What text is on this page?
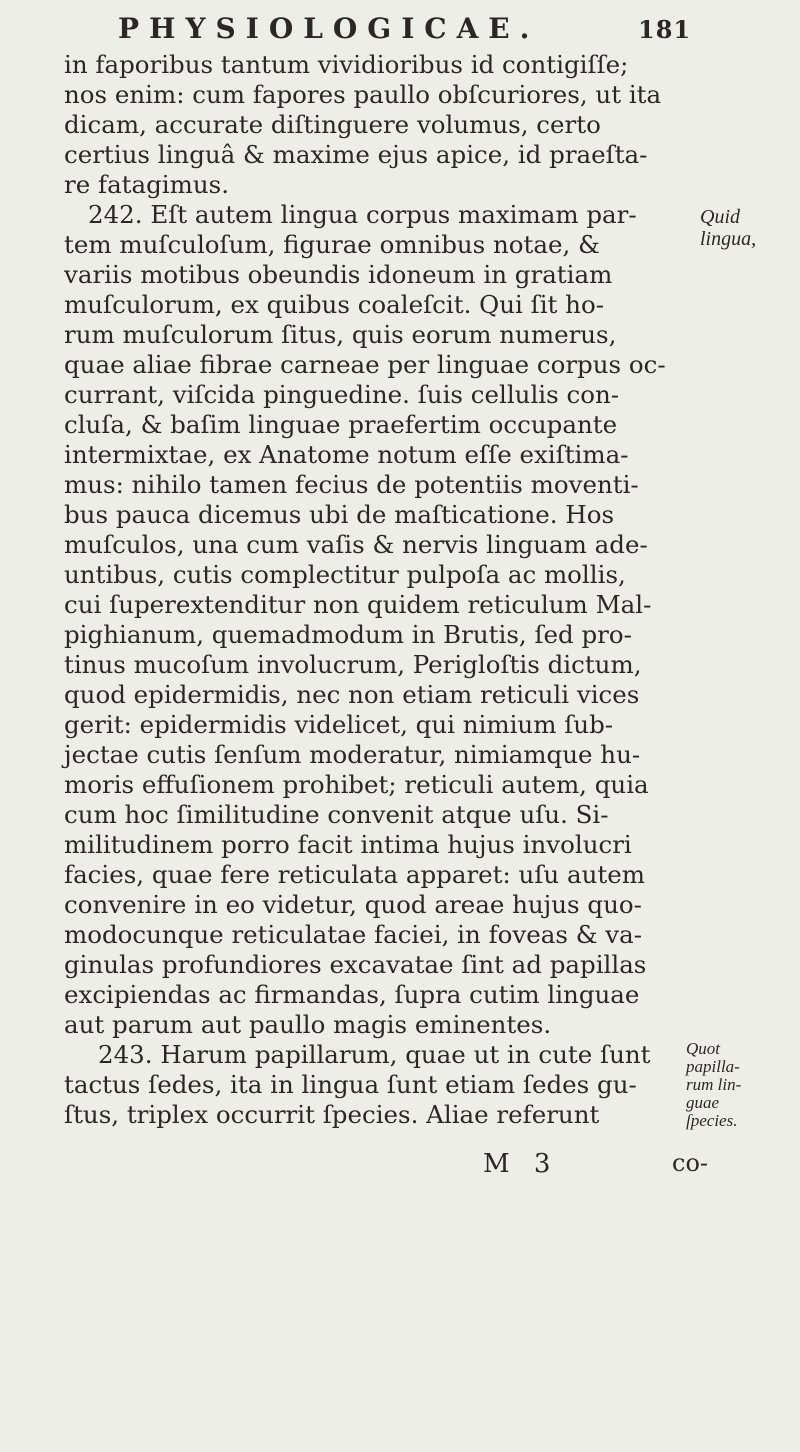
PHYSIOLOGICAE.	181
in faporibus tantum vividioribus id contigiſſe;
nos enim: cum fapores paullo obſcuriores, ut ita
dicam, accurate diſtinguere volumus, certo
certius linguâ & maxime ejus apice, id praeſta-
re fatagimus.
242. Eſt autem lingua corpus maximam par-
tem muſculoſum, figurae omnibus notae, &
variis motibus obeundis idoneum in gratiam
muſculorum, ex quibus coaleſcit. Qui ſit ho-
rum muſculorum ſitus, quis eorum numerus,
quae aliae fibrae carneae per linguae corpus oc-
currant, viſcida pinguedine. ſuis cellulis con-
cluſa, & baſim linguae praefertim occupante
intermixtae, ex Anatome notum eſſe exiſtima-
mus: nihilo tamen fecius de potentiis moventi-
bus pauca dicemus ubi de maſticatione. Hos
muſculos, una cum vaſis & nervis linguam ade-
untibus, cutis complectitur pulpoſa ac mollis,
cui ſuperextenditur non quidem reticulum Mal-
pighianum, quemadmodum in Brutis, ſed pro-
tinus mucoſum involucrum, Perigloſtis dictum,
quod epidermidis, nec non etiam reticuli vices
gerit: epidermidis videlicet, qui nimium ſub-
jectae cutis ſenſum moderatur, nimiamque hu-
moris effuſionem prohibet; reticuli autem, quia
cum hoc ſimilitudine convenit atque uſu. Si-
militudinem porro facit intima hujus involucri
facies, quae fere reticulata apparet: uſu autem
convenire in eo videtur, quod areae hujus quo-
modocunque reticulatae faciei, in foveas & va-
ginulas profundiores excavatae ſint ad papillas
excipiendas ac firmandas, ſupra cutim linguae
aut parum aut paullo magis eminentes.
243. Harum papillarum, quae ut in cute ſunt
tactus ſedes, ita in lingua ſunt etiam ſedes gu-
ſtus, triplex occurrit ſpecies. Aliae referunt
Quid
lingua,
Quot
papilla-
rum lin-
guae
ſpecies.
M 3	co-
